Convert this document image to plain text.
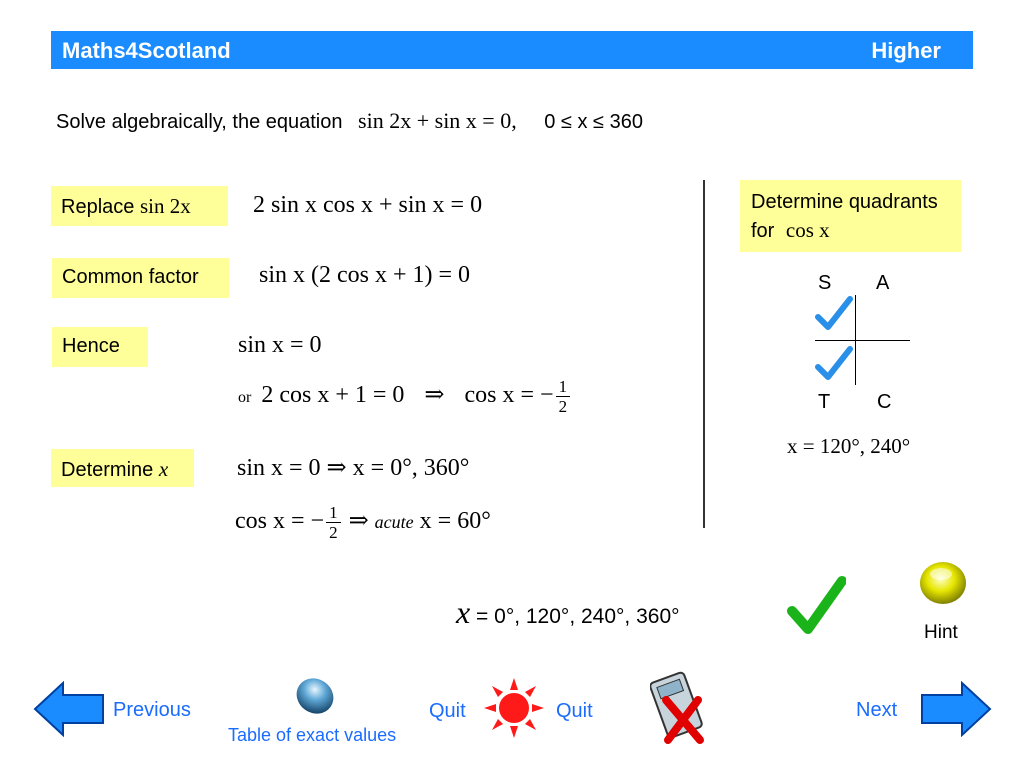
Maths4Scotland	Higher
Solve algebraically, the equation sin 2x + sin x = 0, 0 ≤ x ≤ 360
Replace sin 2x	2 sin x cos x + sin x = 0
Common factor	sin x (2 cos x + 1) = 0
Hence	sin x = 0
or 2 cos x + 1 = 0 ⇒ cos x = − $\frac{1}{2}$
Determine x	sin x = 0 ⇒ x = 0°, 360°
cos x = − $\frac{1}{2}$ ⇒ acute x = 60°
Determine quadrants
for cos x
S A
T C
x = 120°, 240°
x = 0°, 120°, 240°, 360°
Hint
Previous	Next
Quit	Quit
Table of exact values
